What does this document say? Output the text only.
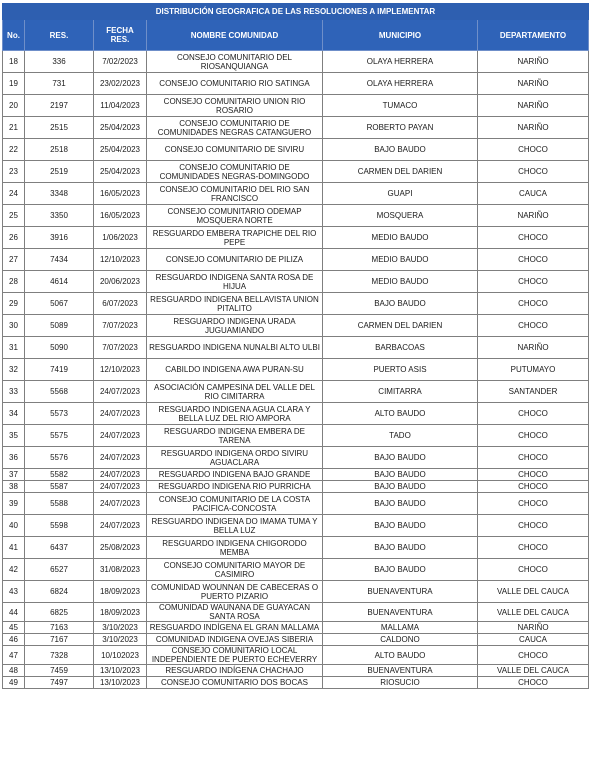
DISTRIBUCIÓN GEOGRAFICA DE LAS RESOLUCIONES A IMPLEMENTAR					
No.	RES.	FECHA RES.	NOMBRE COMUNIDAD	MUNICIPIO	DEPARTAMENTO
18	336	7/02/2023	CONSEJO COMUNITARIO DEL RIOSANQUIANGA	OLAYA HERRERA	NARIÑO
19	731	23/02/2023	CONSEJO COMUNITARIO RIO SATINGA	OLAYA HERRERA	NARIÑO
20	2197	11/04/2023	CONSEJO COMUNITARIO UNION RIO ROSARIO	TUMACO	NARIÑO
21	2515	25/04/2023	CONSEJO COMUNITARIO DE COMUNIDADES NEGRAS CATANGUERO	ROBERTO PAYAN	NARIÑO
22	2518	25/04/2023	CONSEJO COMUNITARIO DE SIVIRU	BAJO BAUDO	CHOCO
23	2519	25/04/2023	CONSEJO COMUNITARIO DE COMUNIDADES NEGRAS-DOMINGODO	CARMEN DEL DARIEN	CHOCO
24	3348	16/05/2023	CONSEJO COMUNITARIO DEL RIO SAN FRANCISCO	GUAPI	CAUCA
25	3350	16/05/2023	CONSEJO COMUNITARIO ODEMAP MOSQUERA NORTE	MOSQUERA	NARIÑO
26	3916	1/06/2023	RESGUARDO EMBERA TRAPICHE DEL RIO PEPE	MEDIO BAUDO	CHOCO
27	7434	12/10/2023	CONSEJO COMUNITARIO DE PILIZA	MEDIO BAUDO	CHOCO
28	4614	20/06/2023	RESGUARDO INDIGENA SANTA ROSA DE HIJUA	MEDIO BAUDO	CHOCO
29	5067	6/07/2023	RESGUARDO INDIGENA BELLAVISTA UNION PITALITO	BAJO BAUDO	CHOCO
30	5089	7/07/2023	RESGUARDO INDIGENA URADA JUGUAMIANDO	CARMEN DEL DARIEN	CHOCO
31	5090	7/07/2023	RESGUARDO INDIGENA NUNALBI ALTO ULBI	BARBACOAS	NARIÑO
32	7419	12/10/2023	CABILDO INDIGENA AWA PURAN-SU	PUERTO ASIS	PUTUMAYO
33	5568	24/07/2023	ASOCIACIÓN CAMPESINA DEL VALLE DEL RIO CIMITARRA	CIMITARRA	SANTANDER
34	5573	24/07/2023	RESGUARDO INDIGENA AGUA CLARA Y BELLA LUZ DEL RIO AMPORA	ALTO BAUDO	CHOCO
35	5575	24/07/2023	RESGUARDO INDIGENA EMBERA DE TARENA	TADO	CHOCO
36	5576	24/07/2023	RESGUARDO INDIGENA ORDO SIVIRU AGUACLARA	BAJO BAUDO	CHOCO
37	5582	24/07/2023	RESGUARDO INDIGENA BAJO GRANDE	BAJO BAUDO	CHOCO
38	5587	24/07/2023	RESGUARDO INDIGENA RIO PURRICHA	BAJO BAUDO	CHOCO
39	5588	24/07/2023	CONSEJO COMUNITARIO DE LA COSTA PACIFICA-CONCOSTA	BAJO BAUDO	CHOCO
40	5598	24/07/2023	RESGUARDO INDIGENA DO IMAMA TUMA Y BELLA LUZ	BAJO BAUDO	CHOCO
41	6437	25/08/2023	RESGUARDO INDIGENA CHIGORODO MEMBA	BAJO BAUDO	CHOCO
42	6527	31/08/2023	CONSEJO COMUNITARIO MAYOR DE CASIMIRO	BAJO BAUDO	CHOCO
43	6824	18/09/2023	COMUNIDAD WOUNNAN DE CABECERAS O PUERTO PIZARIO	BUENAVENTURA	VALLE DEL CAUCA
44	6825	18/09/2023	COMUNIDAD WAUNANA DE GUAYACAN SANTA ROSA	BUENAVENTURA	VALLE DEL CAUCA
45	7163	3/10/2023	RESGUARDO INDÍGENA EL GRAN MALLAMA	MALLAMA	NARIÑO
46	7167	3/10/2023	COMUNIDAD INDIGENA OVEJAS SIBERIA	CALDONO	CAUCA
47	7328	10/102023	CONSEJO COMUNITARIO LOCAL INDEPENDIENTE DE PUERTO ECHEVERRY	ALTO BAUDO	CHOCO
48	7459	13/10/2023	RESGUARDO INDÍGENA CHACHAJO	BUENAVENTURA	VALLE DEL CAUCA
49	7497	13/10/2023	CONSEJO COMUNITARIO DOS BOCAS	RIOSUCIO	CHOCO
